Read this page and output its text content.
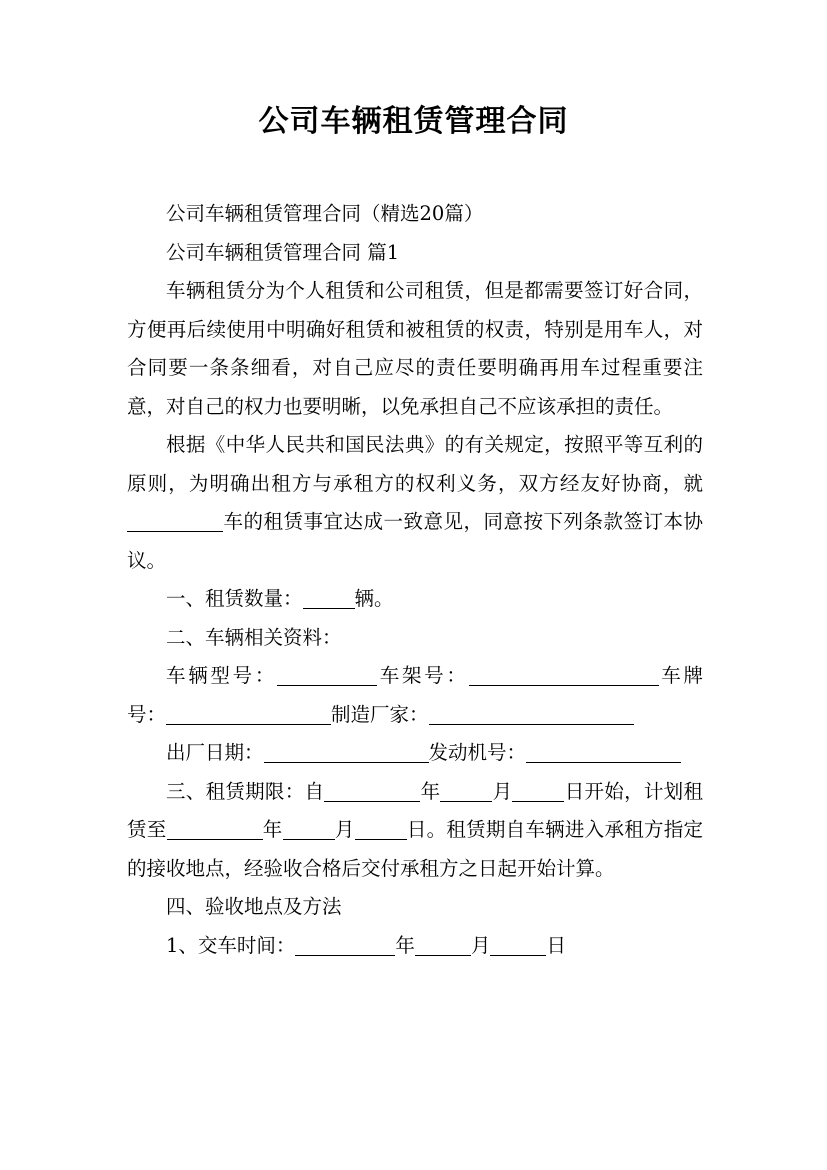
公司车辆租赁管理合同

公司车辆租赁管理合同（精选20篇）

公司车辆租赁管理合同 篇1

车辆租赁分为个人租赁和公司租赁，但是都需要签订好合同，方便再后续使用中明确好租赁和被租赁的权责，特别是用车人，对合同要一条条细看，对自己应尽的责任要明确再用车过程重要注意，对自己的权力也要明晰，以免承担自己不应该承担的责任。

根据《中华人民共和国民法典》的有关规定，按照平等互利的原则，为明确出租方与承租方的权利义务，双方经友好协商，就车的租赁事宜达成一致意见，同意按下列条款签订本协议。

一、租赁数量：	辆。

二、车辆相关资料：

车辆型号：	车架号：	车牌号：	制造厂家：

出厂日期：	发动机号：

三、租赁期限：自	年	月	日开始，计划租赁至	年	月	日。租赁期自车辆进入承租方指定的接收地点，经验收合格后交付承租方之日起开始计算。

四、验收地点及方法

1、交车时间：	年	月	日
